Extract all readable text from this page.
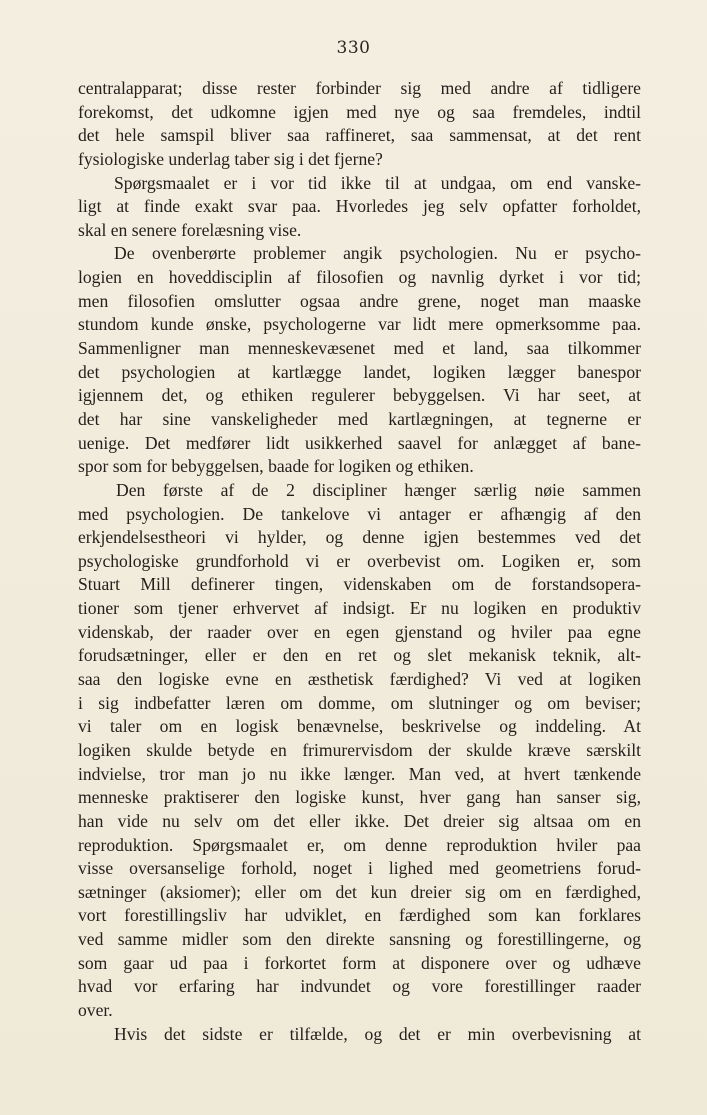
330
centralapparat; disse rester forbinder sig med andre af tidligere
forekomst, det udkomne igjen med nye og saa fremdeles, indtil
det hele samspil bliver saa raffineret, saa sammensat, at det rent
fysiologiske underlag taber sig i det fjerne?
Spørgsmaalet er i vor tid ikke til at undgaa, om end vanske-
ligt at finde exakt svar paa. Hvorledes jeg selv opfatter forholdet,
skal en senere forelæsning vise.
De ovenberørte problemer angik psychologien. Nu er psycho-
logien en hoveddisciplin af filosofien og navnlig dyrket i vor tid;
men filosofien omslutter ogsaa andre grene, noget man maaske
stundom kunde ønske, psychologerne var lidt mere opmerksomme paa.
Sammenligner man menneskevæsenet med et land, saa tilkommer
det psychologien at kartlægge landet, logiken lægger banespor
igjennem det, og ethiken regulerer bebyggelsen. Vi har seet, at
det har sine vanskeligheder med kartlægningen, at tegnerne er
uenige. Det medfører lidt usikkerhed saavel for anlægget af bane-
spor som for bebyggelsen, baade for logiken og ethiken.
Den første af de 2 discipliner hænger særlig nøie sammen
med psychologien. De tankelove vi antager er afhængig af den
erkjendelsestheori vi hylder, og denne igjen bestemmes ved det
psychologiske grundforhold vi er overbevist om. Logiken er, som
Stuart Mill definerer tingen, videnskaben om de forstandsopera-
tioner som tjener erhvervet af indsigt. Er nu logiken en produktiv
videnskab, der raader over en egen gjenstand og hviler paa egne
forudsætninger, eller er den en ret og slet mekanisk teknik, alt-
saa den logiske evne en æsthetisk færdighed? Vi ved at logiken
i sig indbefatter læren om domme, om slutninger og om beviser;
vi taler om en logisk benævnelse, beskrivelse og inddeling. At
logiken skulde betyde en frimurervisdom der skulde kræve særskilt
indvielse, tror man jo nu ikke længer. Man ved, at hvert tænkende
menneske praktiserer den logiske kunst, hver gang han sanser sig,
han vide nu selv om det eller ikke. Det dreier sig altsaa om en
reproduktion. Spørgsmaalet er, om denne reproduktion hviler paa
visse oversanselige forhold, noget i lighed med geometriens forud-
sætninger (aksiomer); eller om det kun dreier sig om en færdighed,
vort forestillingsliv har udviklet, en færdighed som kan forklares
ved samme midler som den direkte sansning og forestillingerne, og
som gaar ud paa i forkortet form at disponere over og udhæve
hvad vor erfaring har indvundet og vore forestillinger raader
over.
Hvis det sidste er tilfælde, og det er min overbevisning at
